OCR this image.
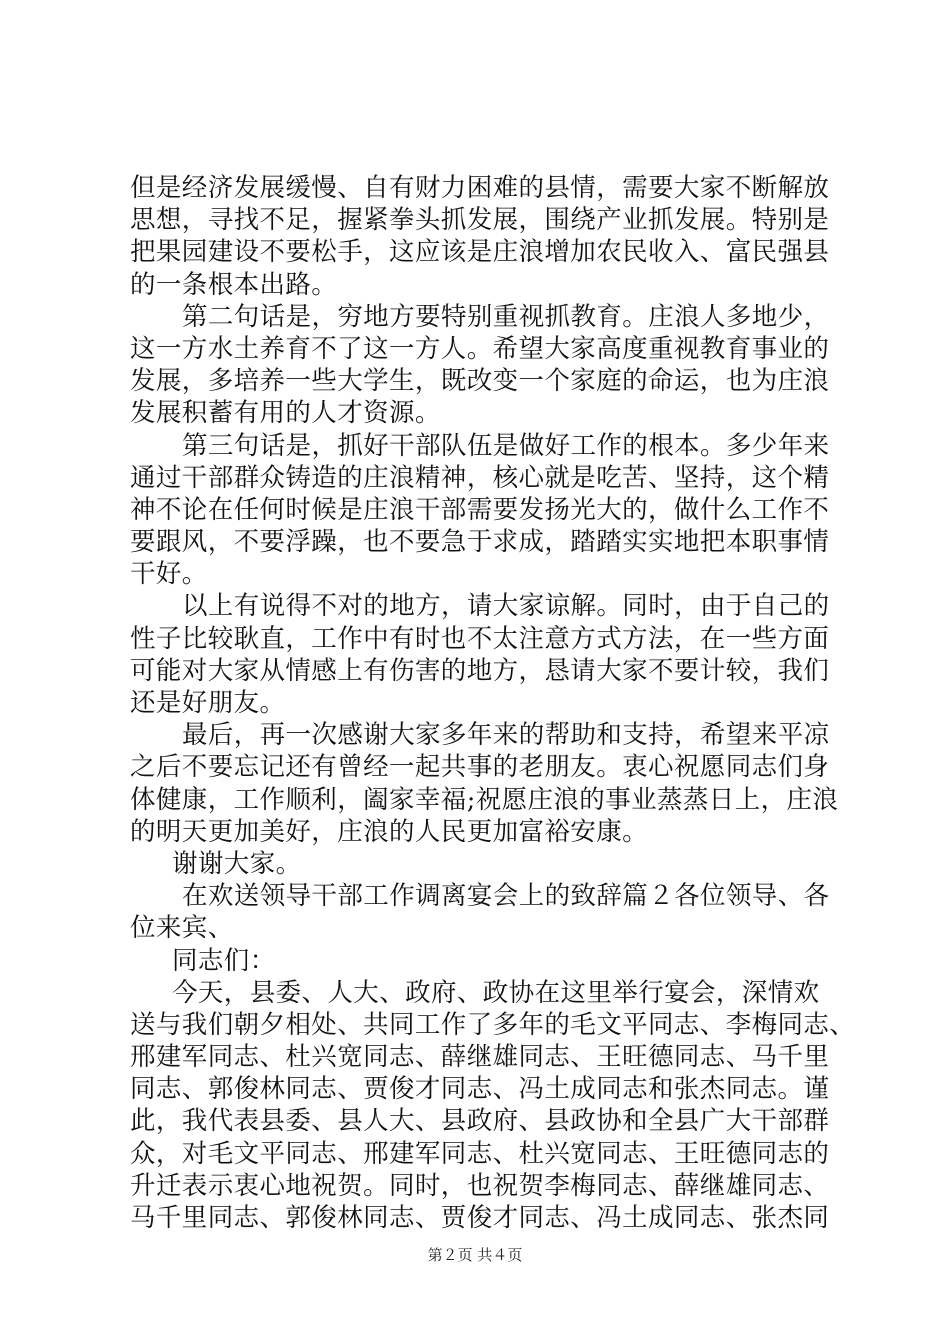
但是经济发展缓慢、自有财力困难的县情，需要大家不断解放
思想，寻找不足，握紧拳头抓发展，围绕产业抓发展。特别是
把果园建设不要松手，这应该是庄浪增加农民收入、富民强县
的一条根本出路。
第二句话是，穷地方要特别重视抓教育。庄浪人多地少，
这一方水土养育不了这一方人。希望大家高度重视教育事业的
发展，多培养一些大学生，既改变一个家庭的命运，也为庄浪
发展积蓄有用的人才资源。
第三句话是，抓好干部队伍是做好工作的根本。多少年来
通过干部群众铸造的庄浪精神，核心就是吃苦、坚持，这个精
神不论在任何时候是庄浪干部需要发扬光大的，做什么工作不
要跟风，不要浮躁，也不要急于求成，踏踏实实地把本职事情
干好。
以上有说得不对的地方，请大家谅解。同时，由于自己的
性子比较耿直，工作中有时也不太注意方式方法，在一些方面
可能对大家从情感上有伤害的地方，恳请大家不要计较，我们
还是好朋友。
最后，再一次感谢大家多年来的帮助和支持，希望来平凉
之后不要忘记还有曾经一起共事的老朋友。衷心祝愿同志们身
体健康，工作顺利，阖家幸福;祝愿庄浪的事业蒸蒸日上，庄浪
的明天更加美好，庄浪的人民更加富裕安康。
谢谢大家。
在欢送领导干部工作调离宴会上的致辞篇２各位领导、各
位来宾、
同志们：
今天，县委、人大、政府、政协在这里举行宴会，深情欢
送与我们朝夕相处、共同工作了多年的毛文平同志、李梅同志、
邢建军同志、杜兴宽同志、薛继雄同志、王旺德同志、马千里
同志、郭俊林同志、贾俊才同志、冯土成同志和张杰同志。谨
此，我代表县委、县人大、县政府、县政协和全县广大干部群
众，对毛文平同志、邢建军同志、杜兴宽同志、王旺德同志的
升迁表示衷心地祝贺。同时，也祝贺李梅同志、薛继雄同志、
马千里同志、郭俊林同志、贾俊才同志、冯土成同志、张杰同
第２页 共４页
